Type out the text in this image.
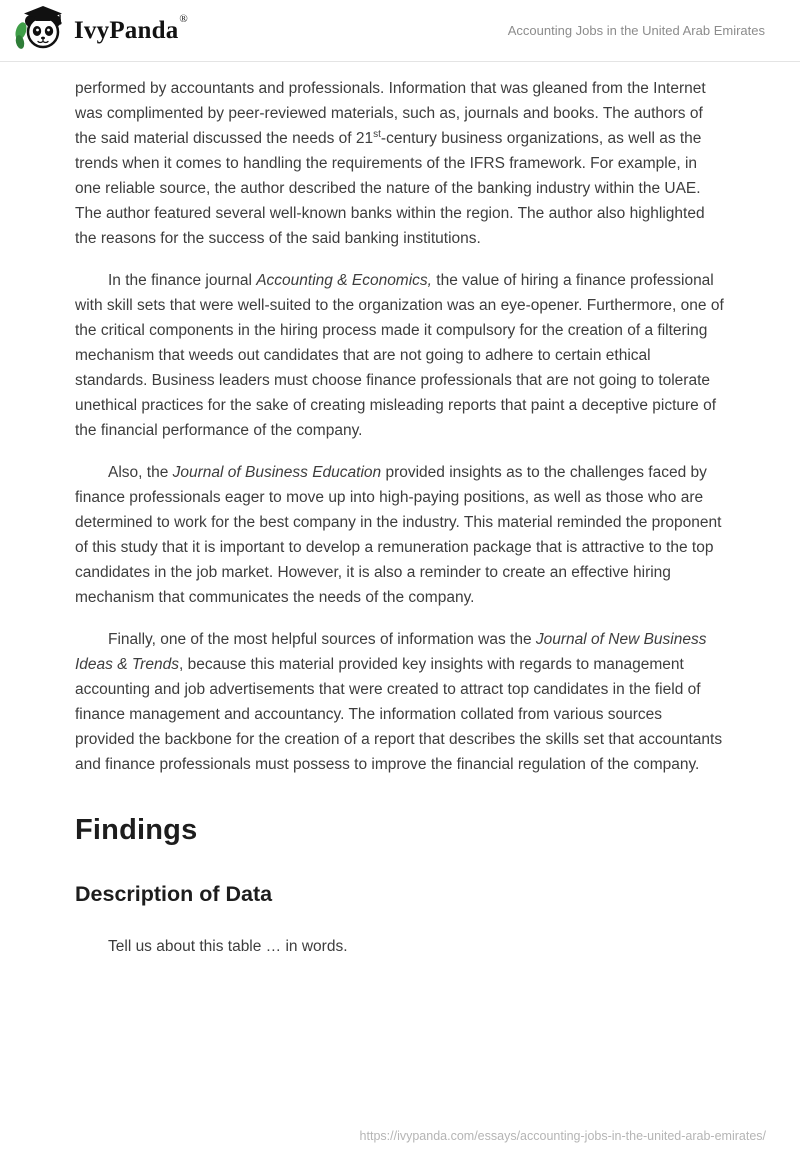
IvyPanda®
Accounting Jobs in the United Arab Emirates

performed by accountants and professionals. Information that was gleaned from the Internet was complimented by peer-reviewed materials, such as, journals and books. The authors of the said material discussed the needs of 21st-century business organizations, as well as the trends when it comes to handling the requirements of the IFRS framework. For example, in one reliable source, the author described the nature of the banking industry within the UAE. The author featured several well-known banks within the region. The author also highlighted the reasons for the success of the said banking institutions.

In the finance journal Accounting & Economics, the value of hiring a finance professional with skill sets that were well-suited to the organization was an eye-opener. Furthermore, one of the critical components in the hiring process made it compulsory for the creation of a filtering mechanism that weeds out candidates that are not going to adhere to certain ethical standards. Business leaders must choose finance professionals that are not going to tolerate unethical practices for the sake of creating misleading reports that paint a deceptive picture of the financial performance of the company.

Also, the Journal of Business Education provided insights as to the challenges faced by finance professionals eager to move up into high-paying positions, as well as those who are determined to work for the best company in the industry. This material reminded the proponent of this study that it is important to develop a remuneration package that is attractive to the top candidates in the job market. However, it is also a reminder to create an effective hiring mechanism that communicates the needs of the company.

Finally, one of the most helpful sources of information was the Journal of New Business Ideas & Trends, because this material provided key insights with regards to management accounting and job advertisements that were created to attract top candidates in the field of finance management and accountancy. The information collated from various sources provided the backbone for the creation of a report that describes the skills set that accountants and finance professionals must possess to improve the financial regulation of the company.

Findings
Description of Data

Tell us about this table … in words.

https://ivypanda.com/essays/accounting-jobs-in-the-united-arab-emirates/
